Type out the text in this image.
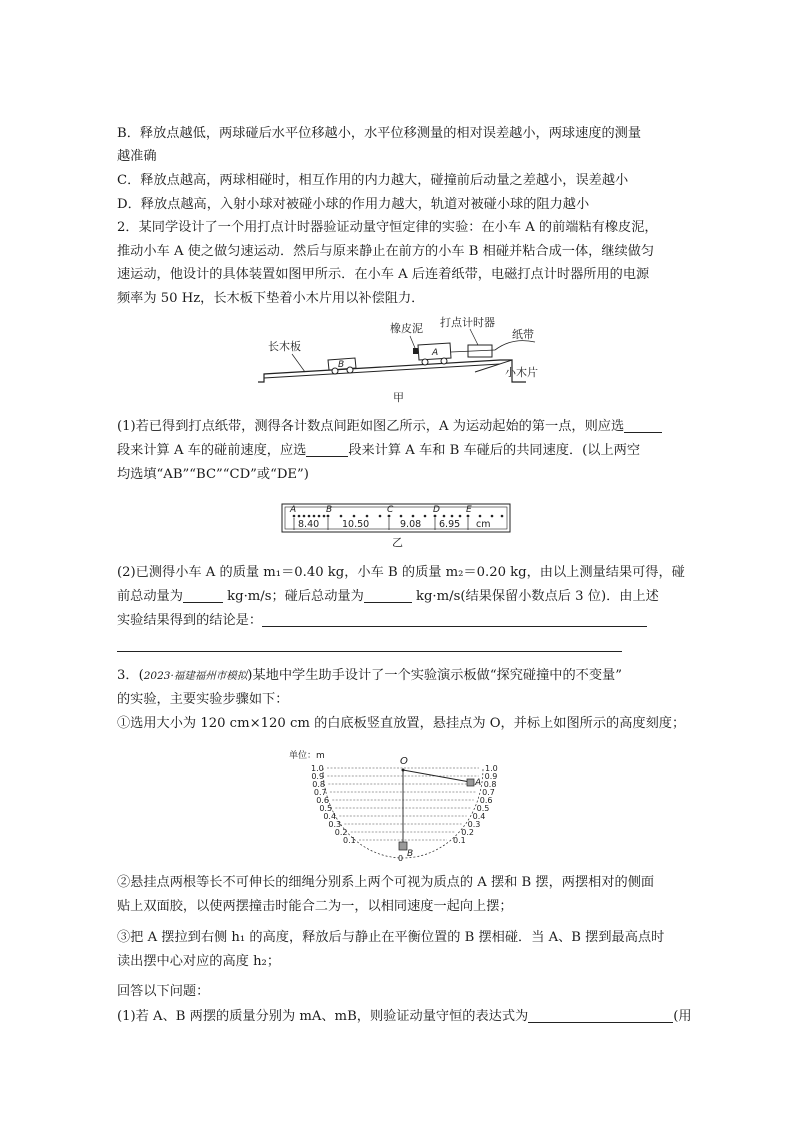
B．释放点越低，两球碰后水平位移越小，水平位移测量的相对误差越小，两球速度的测量
越准确
C．释放点越高，两球相碰时，相互作用的内力越大，碰撞前后动量之差越小，误差越小
D．释放点越高，入射小球对被碰小球的作用力越大，轨道对被碰小球的阻力越小
2．某同学设计了一个用打点计时器验证动量守恒定律的实验：在小车 A 的前端粘有橡皮泥，
推动小车 A 使之做匀速运动．然后与原来静止在前方的小车 B 相碰并粘合成一体，继续做匀
速运动，他设计的具体装置如图甲所示．在小车 A 后连着纸带，电磁打点计时器所用的电源
频率为 50 Hz，长木板下垫着小木片用以补偿阻力．
长木板
B
橡皮泥
A
打点计时器
纸带
小木片
甲
(1)若已得到打点纸带，测得各计数点间距如图乙所示，A 为运动起始的第一点，则应选
段来计算 A 车的碰前速度，应选	段来计算 A 车和 B 车碰后的共同速度．(以上两空
均选填“AB”“BC”“CD”或“DE”)
A	B	C	D	E
8.40 10.50	9.08 6.95 cm
乙
(2)已测得小车 A 的质量 m₁＝0.40 kg，小车 B 的质量 m₂＝0.20 kg，由以上测量结果可得，碰
前总动量为	kg·m/s；碰后总动量为	kg·m/s(结果保留小数点后 3 位)．由上述
实验结果得到的结论是：
3．(2023·福建福州市模拟)某地中学生助手设计了一个实验演示板做“探究碰撞中的不变量”
的实验，主要实验步骤如下：
①选用大小为 120 cm×120 cm 的白底板竖直放置，悬挂点为 O，并标上如图所示的高度刻度；
单位：m	O
A
B
1.0
0.9
0.8
0.7
0.6
0.5
0.4
0.3
0.2
0.1
0
1.0
0.9
0.8
0.7
0.6
0.5
0.4
0.3
0.2
0.1
②悬挂点两根等长不可伸长的细绳分别系上两个可视为质点的 A 摆和 B 摆，两摆相对的侧面
贴上双面胶，以使两摆撞击时能合二为一，以相同速度一起向上摆；
③把 A 摆拉到右侧 h₁ 的高度，释放后与静止在平衡位置的 B 摆相碰．当 A、B 摆到最高点时
读出摆中心对应的高度 h₂；
回答以下问题：
(1)若 A、B 两摆的质量分别为 mA、mB，则验证动量守恒的表达式为	(用
